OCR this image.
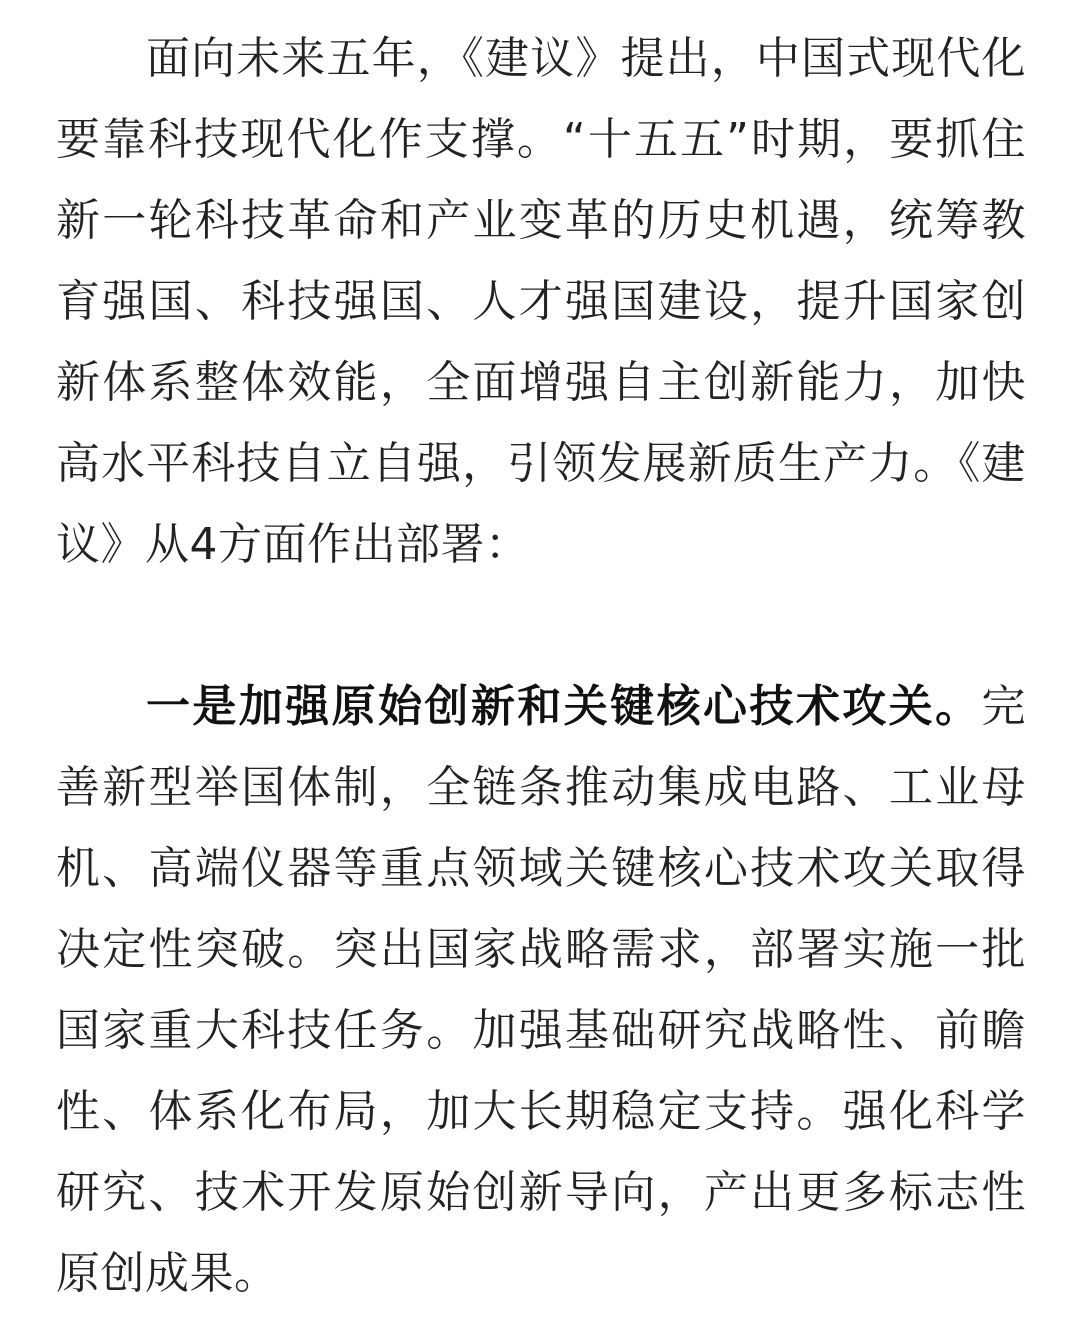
面向未来五年，《建议》提出，中国式现代化要靠科技现代化作支撑。“十五五”时期，要抓住新一轮科技革命和产业变革的历史机遇，统筹教育强国、科技强国、人才强国建设，提升国家创新体系整体效能，全面增强自主创新能力，加快高水平科技自立自强，引领发展新质生产力。《建议》从4方面作出部署：

一是加强原始创新和关键核心技术攻关。完善新型举国体制，全链条推动集成电路、工业母机、高端仪器等重点领域关键核心技术攻关取得决定性突破。突出国家战略需求，部署实施一批国家重大科技任务。加强基础研究战略性、前瞻性、体系化布局，加大长期稳定支持。强化科学研究、技术开发原始创新导向，产出更多标志性原创成果。
